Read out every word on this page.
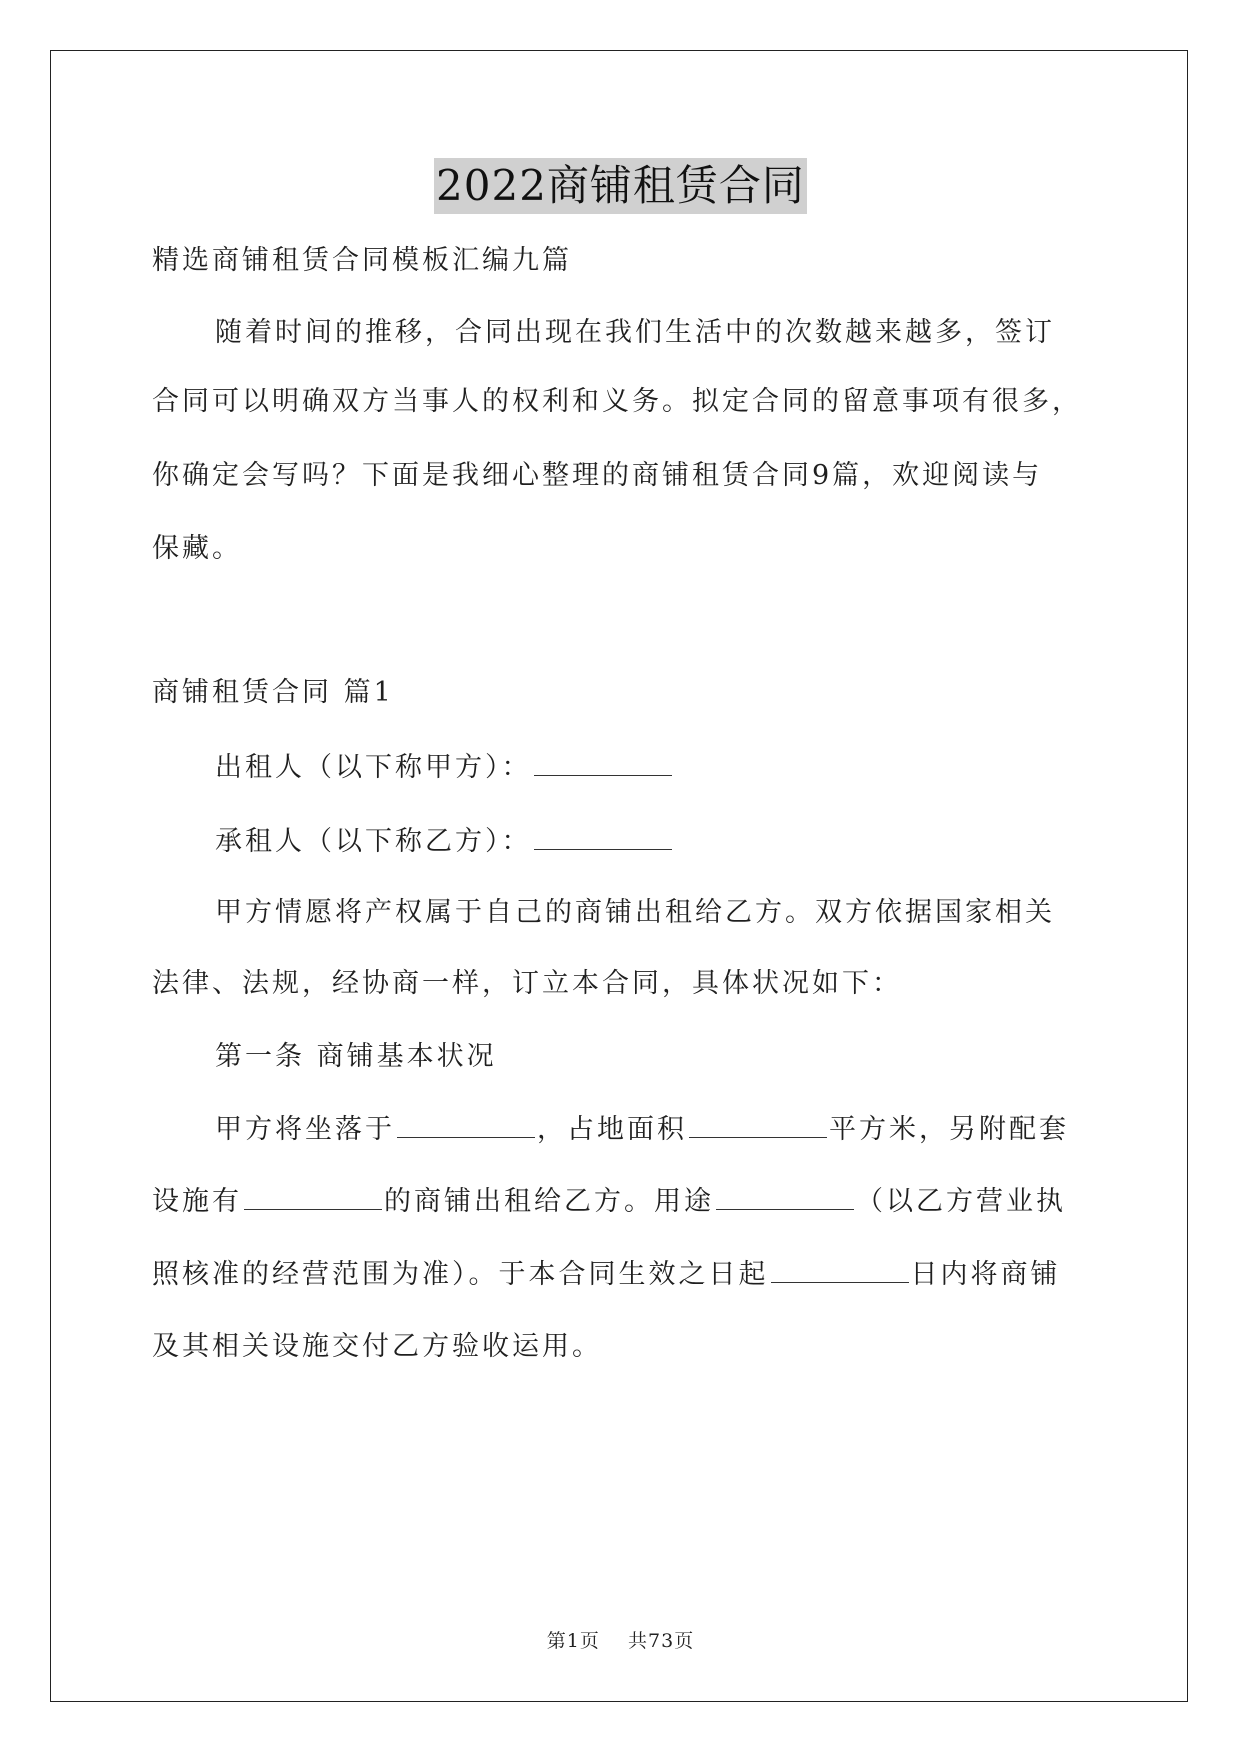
2022商铺租赁合同
精选商铺租赁合同模板汇编九篇
随着时间的推移，合同出现在我们生活中的次数越来越多，签订
合同可以明确双方当事人的权利和义务。拟定合同的留意事项有很多，
你确定会写吗？下面是我细心整理的商铺租赁合同9篇，欢迎阅读与
保藏。
商铺租赁合同 篇1
出租人（以下称甲方）：
承租人（以下称乙方）：
甲方情愿将产权属于自己的商铺出租给乙方。双方依据国家相关
法律、法规，经协商一样，订立本合同，具体状况如下：
第一条 商铺基本状况
甲方将坐落于	，占地面积	平方米，另附配套
设施有	的商铺出租给乙方。用途	（以乙方营业执
照核准的经营范围为准）。于本合同生效之日起	日内将商铺
及其相关设施交付乙方验收运用。
第1页 共73页
